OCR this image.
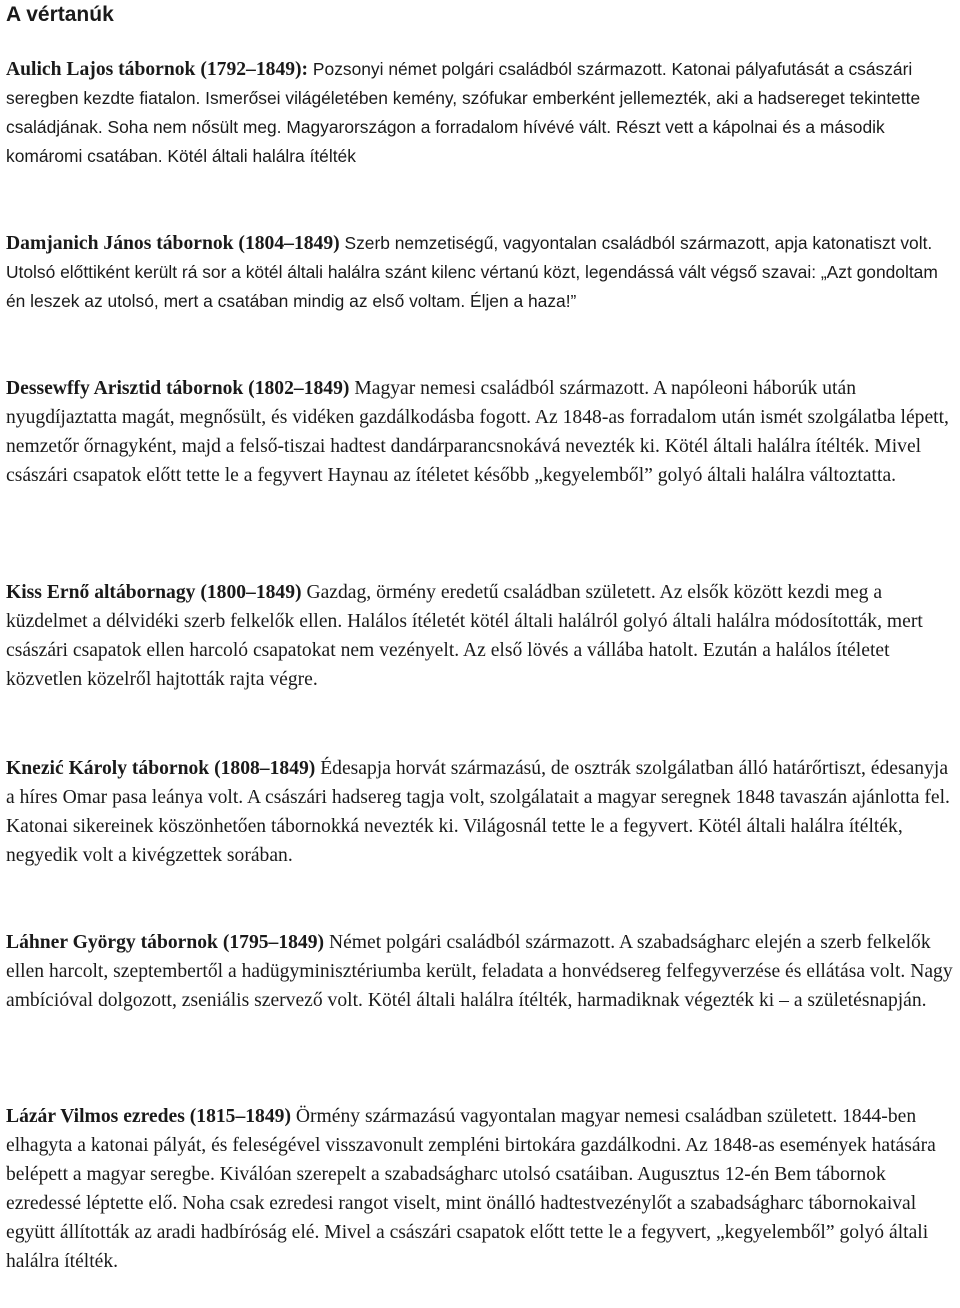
A vértanúk

Aulich Lajos tábornok (1792–1849): Pozsonyi német polgári családból származott. Katonai pályafutását a császári seregben kezdte fiatalon. Ismerősei világéletében kemény, szófukar emberként jellemezték, aki a hadsereget tekintette családjának. Soha nem nősült meg. Magyarországon a forradalom hívévé vált. Részt vett a kápolnai és a második komáromi csatában. Kötél általi halálra ítélték

Damjanich János tábornok (1804–1849) Szerb nemzetiségű, vagyontalan családból származott, apja katonatiszt volt. Utolsó előttiként került rá sor a kötél általi halálra szánt kilenc vértanú közt, legendássá vált végső szavai: „Azt gondoltam én leszek az utolsó, mert a csatában mindig az első voltam. Éljen a haza!”

Dessewffy Arisztid tábornok (1802–1849) Magyar nemesi családból származott. A napóleoni háborúk után nyugdíjaztatta magát, megnősült, és vidéken gazdálkodásba fogott. Az 1848-as forradalom után ismét szolgálatba lépett, nemzetőr őrnagyként, majd a felső-tiszai hadtest dandárparancsnokává nevezték ki. Kötél általi halálra ítélték. Mivel császári csapatok előtt tette le a fegyvert Haynau az ítéletet később „kegyelemből” golyó általi halálra változtatta.

Kiss Ernő altábornagy (1800–1849) Gazdag, örmény eredetű családban született. Az elsők között kezdi meg a küzdelmet a délvidéki szerb felkelők ellen. Halálos ítéletét kötél általi halálról golyó általi halálra módosították, mert császári csapatok ellen harcoló csapatokat nem vezényelt. Az első lövés a vállába hatolt. Ezután a halálos ítéletet közvetlen közelről hajtották rajta végre.

Knezić Károly tábornok (1808–1849) Édesapja horvát származású, de osztrák szolgálatban álló határőrtiszt, édesanyja a híres Omar pasa leánya volt. A császári hadsereg tagja volt, szolgálatait a magyar seregnek 1848 tavaszán ajánlotta fel. Katonai sikereinek köszönhetően tábornokká nevezték ki. Világosnál tette le a fegyvert. Kötél általi halálra ítélték, negyedik volt a kivégzettek sorában.

Láhner György tábornok (1795–1849) Német polgári családból származott. A szabadságharc elején a szerb felkelők ellen harcolt, szeptembertől a hadügyminisztériumba került, feladata a honvédsereg felfegyverzése és ellátása volt. Nagy ambícióval dolgozott, zseniális szervező volt. Kötél általi halálra ítélték, harmadiknak végezték ki – a születésnapján.

Lázár Vilmos ezredes (1815–1849) Örmény származású vagyontalan magyar nemesi családban született. 1844-ben elhagyta a katonai pályát, és feleségével visszavonult zempléni birtokára gazdálkodni. Az 1848-as események hatására belépett a magyar seregbe. Kiválóan szerepelt a szabadságharc utolsó csatáiban. Augusztus 12-én Bem tábornok ezredessé léptette elő. Noha csak ezredesi rangot viselt, mint önálló hadtestvezénylőt a szabadságharc tábornokaival együtt állították az aradi hadbíróság elé. Mivel a császári csapatok előtt tette le a fegyvert, „kegyelemből” golyó általi halálra ítélték.
